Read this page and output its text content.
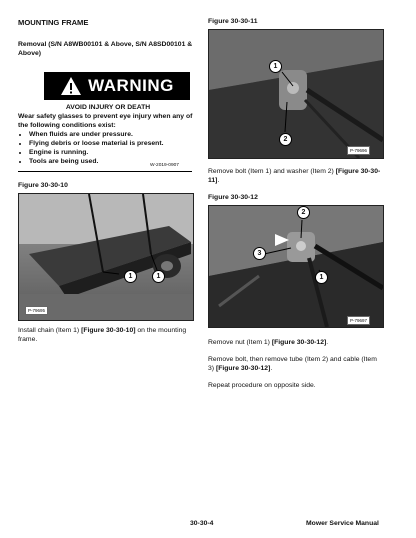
MOUNTING FRAME
Removal (S/N A8WB00101 & Above, S/N A8SD00101 & Above)
WARNING
AVOID INJURY OR DEATH
Wear safety glasses to prevent eye injury when any of the following conditions exist:
• When fluids are under pressure.
• Flying debris or loose material is present.
• Engine is running.
• Tools are being used.
W-2019-0907
Figure 30-30-10
1	1
P-79695
Install chain (Item 1) [Figure 30-30-10] on the mounting frame.
Figure 30-30-11
1
2
P-79696
Remove bolt (Item 1) and washer (Item 2) [Figure 30-30-11].
Figure 30-30-12
2
3
1
P-79697
Remove nut (Item 1) [Figure 30-30-12].
Remove bolt, then remove tube (Item 2) and cable (Item 3) [Figure 30-30-12].
Repeat procedure on opposite side.
30-30-4	Mower Service Manual
